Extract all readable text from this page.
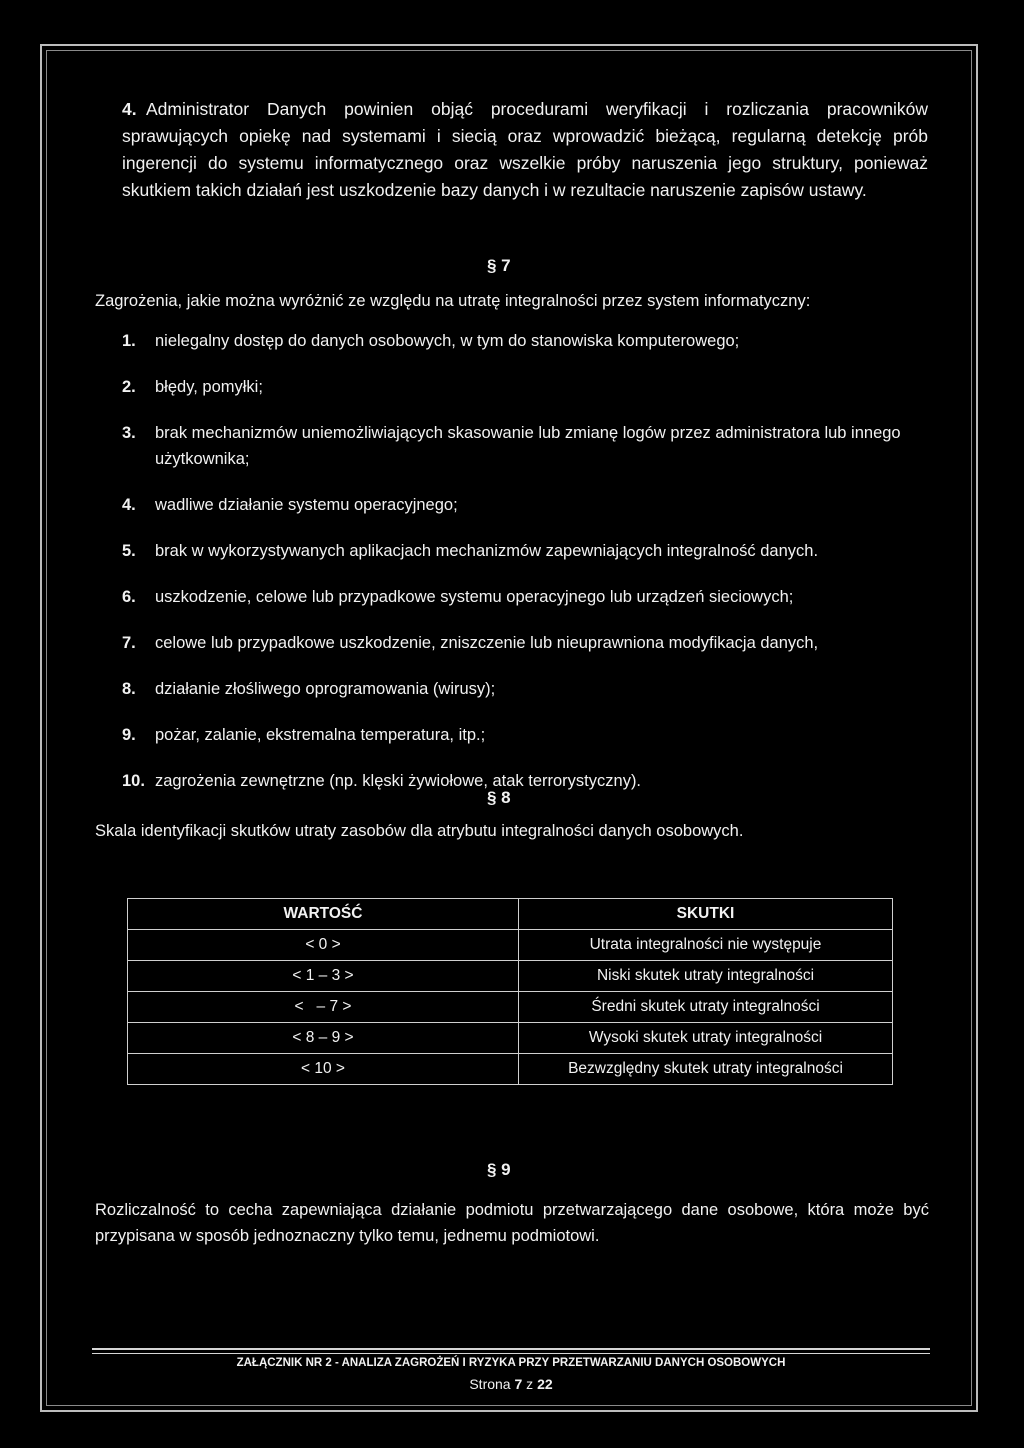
4. Administrator Danych powinien objąć procedurami weryfikacji i rozliczania pracowników sprawujących opiekę nad systemami i siecią oraz wprowadzić bieżącą, regularną detekcję prób ingerencji do systemu informatycznego oraz wszelkie próby naruszenia jego struktury, ponieważ skutkiem takich działań jest uszkodzenie bazy danych i w rezultacie naruszenie zapisów ustawy.
§ 7
Zagrożenia, jakie można wyróżnić ze względu na utratę integralności przez system informatyczny:
1.	nielegalny dostęp do danych osobowych, w tym do stanowiska komputerowego;
2.	błędy, pomyłki;
3.	brak mechanizmów uniemożliwiających skasowanie lub zmianę logów przez administratora lub innego użytkownika;
4.	wadliwe działanie systemu operacyjnego;
5.	brak w wykorzystywanych aplikacjach mechanizmów zapewniających integralność danych.
6.	uszkodzenie, celowe lub przypadkowe systemu operacyjnego lub urządzeń sieciowych;
7.	celowe lub przypadkowe uszkodzenie, zniszczenie lub nieuprawniona modyfikacja danych,
8.	działanie złośliwego oprogramowania (wirusy);
9.	pożar, zalanie, ekstremalna temperatura, itp.;
10. zagrożenia zewnętrzne (np. klęski żywiołowe, atak terrorystyczny).
§ 8
Skala identyfikacji skutków utraty zasobów dla atrybutu integralności danych osobowych.
WARTOŚĆ	SKUTKI
< 0 >	Utrata integralności nie występuje
< 1 – 3 >	Niski skutek utraty integralności
<   – 7 >	Średni skutek utraty integralności
< 8 – 9 >	Wysoki skutek utraty integralności
< 10 >	Bezwzględny skutek utraty integralności
§ 9
Rozliczalność to cecha zapewniająca działanie podmiotu przetwarzającego dane osobowe, która może być przypisana w sposób jednoznaczny tylko temu, jednemu podmiotowi.
ZAŁĄCZNIK NR 2 - ANALIZA ZAGROŻEŃ I RYZYKA PRZY PRZETWARZANIU DANYCH OSOBOWYCH
Strona 7 z 22
